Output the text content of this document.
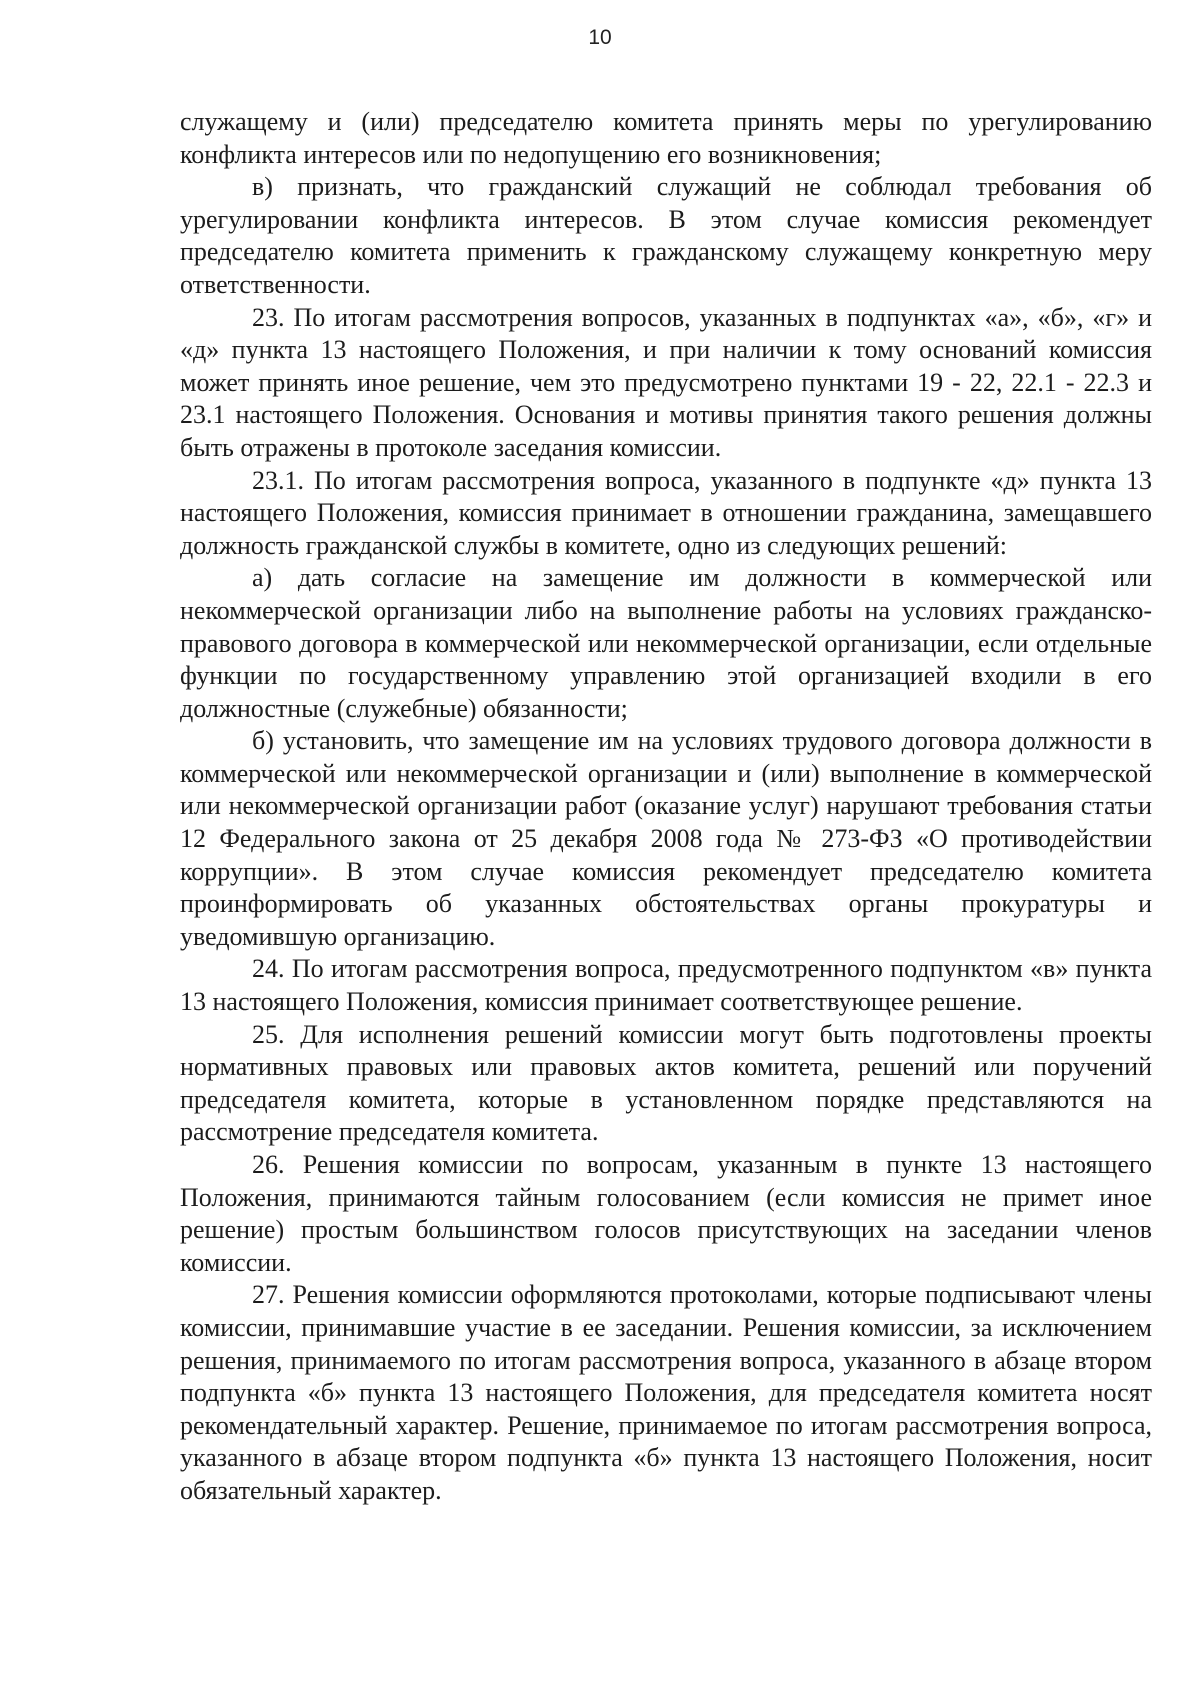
10

служащему и (или) председателю комитета принять меры по урегулированию конфликта интересов или по недопущению его возникновения;

в) признать, что гражданский служащий не соблюдал требования об урегулировании конфликта интересов. В этом случае комиссия рекомендует председателю комитета применить к гражданскому служащему конкретную меру ответственности.

23. По итогам рассмотрения вопросов, указанных в подпунктах «а», «б», «г» и «д» пункта 13 настоящего Положения, и при наличии к тому оснований комиссия может принять иное решение, чем это предусмотрено пунктами 19 - 22, 22.1 - 22.3 и 23.1 настоящего Положения. Основания и мотивы принятия такого решения должны быть отражены в протоколе заседания комиссии.

23.1. По итогам рассмотрения вопроса, указанного в подпункте «д» пункта 13 настоящего Положения, комиссия принимает в отношении гражданина, замещавшего должность гражданской службы в комитете, одно из следующих решений:

а) дать согласие на замещение им должности в коммерческой или некоммерческой организации либо на выполнение работы на условиях гражданско-правового договора в коммерческой или некоммерческой организации, если отдельные функции по государственному управлению этой организацией входили в его должностные (служебные) обязанности;

б) установить, что замещение им на условиях трудового договора должности в коммерческой или некоммерческой организации и (или) выполнение в коммерческой или некоммерческой организации работ (оказание услуг) нарушают требования статьи 12 Федерального закона от 25 декабря 2008 года № 273-ФЗ «О противодействии коррупции». В этом случае комиссия рекомендует председателю комитета проинформировать об указанных обстоятельствах органы прокуратуры и уведомившую организацию.

24. По итогам рассмотрения вопроса, предусмотренного подпунктом «в» пункта 13 настоящего Положения, комиссия принимает соответствующее решение.

25. Для исполнения решений комиссии могут быть подготовлены проекты нормативных правовых или правовых актов комитета, решений или поручений председателя комитета, которые в установленном порядке представляются на рассмотрение председателя комитета.

26. Решения комиссии по вопросам, указанным в пункте 13 настоящего Положения, принимаются тайным голосованием (если комиссия не примет иное решение) простым большинством голосов присутствующих на заседании членов комиссии.

27. Решения комиссии оформляются протоколами, которые подписывают члены комиссии, принимавшие участие в ее заседании. Решения комиссии, за исключением решения, принимаемого по итогам рассмотрения вопроса, указанного в абзаце втором подпункта «б» пункта 13 настоящего Положения, для председателя комитета носят рекомендательный характер. Решение, принимаемое по итогам рассмотрения вопроса, указанного в абзаце втором подпункта «б» пункта 13 настоящего Положения, носит обязательный характер.
